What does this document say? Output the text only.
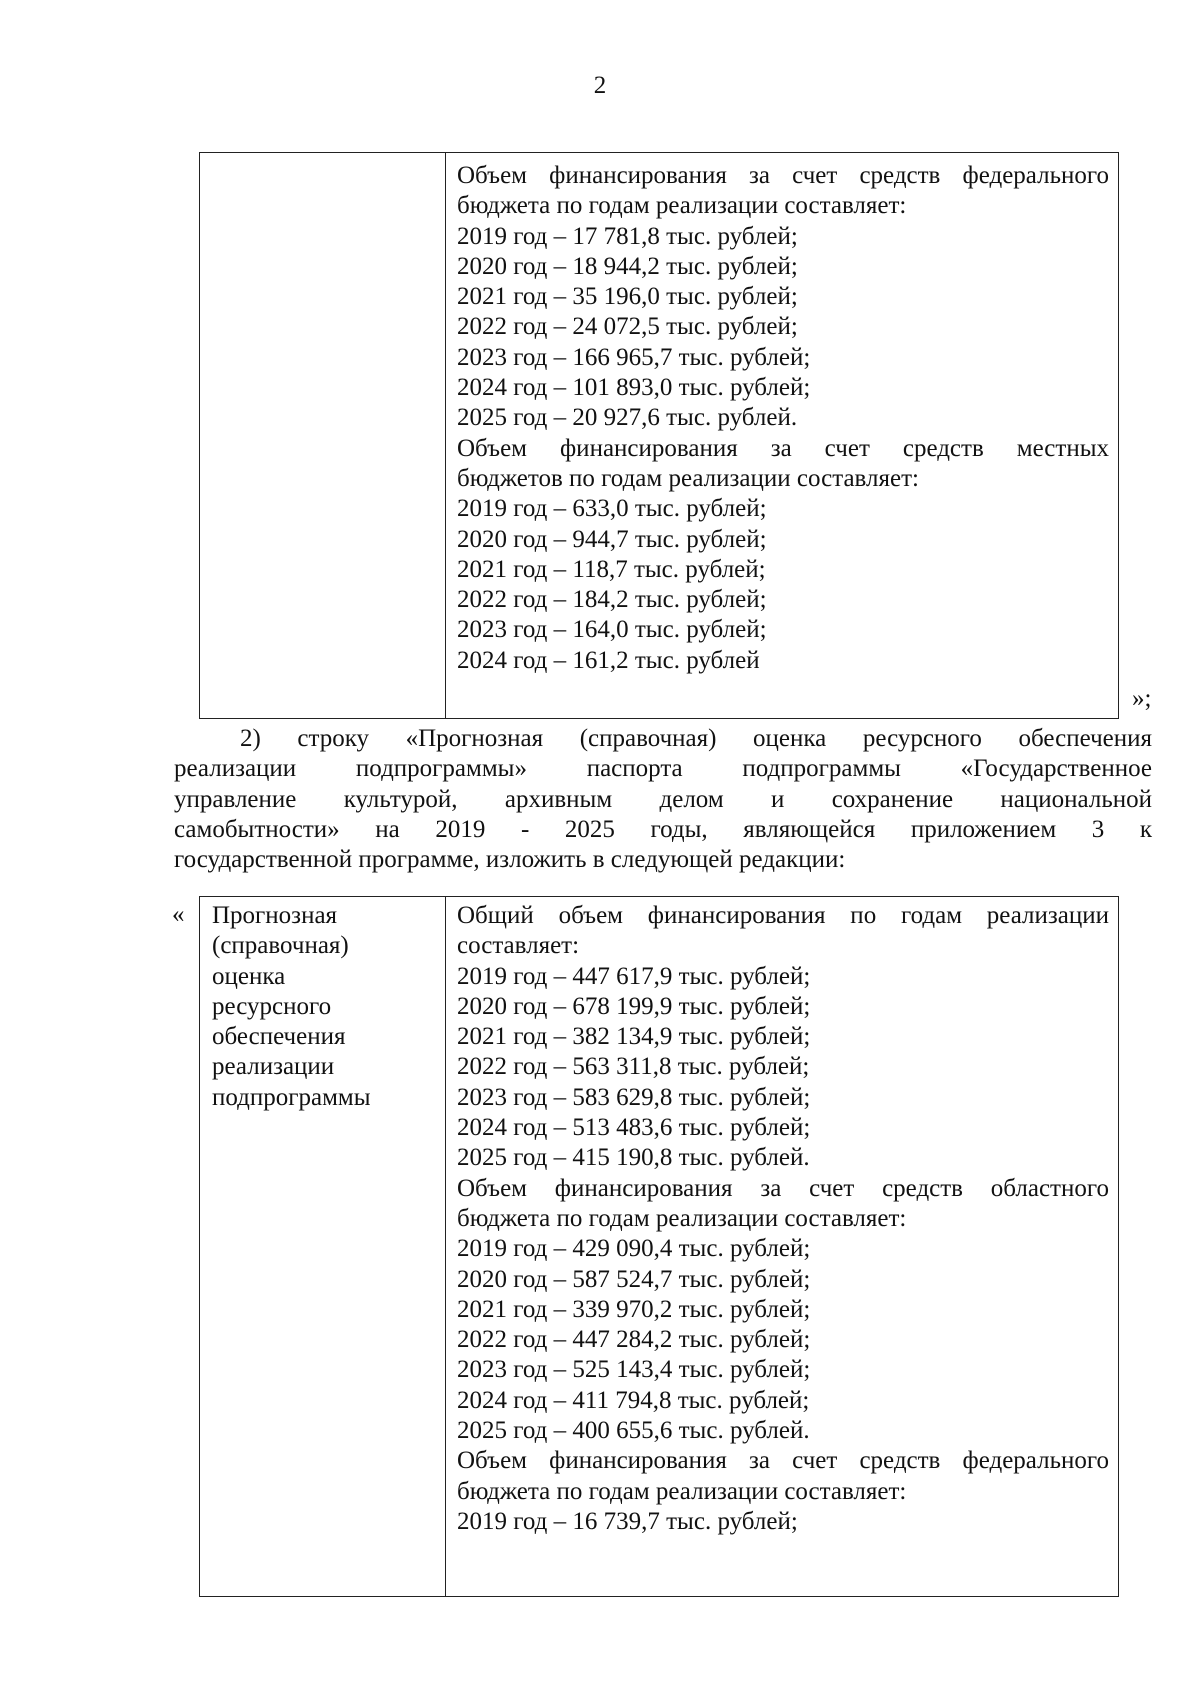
2
Объем финансирования за счет средств федерального
бюджета по годам реализации составляет:
2019 год – 17 781,8 тыс. рублей;
2020 год – 18 944,2 тыс. рублей;
2021 год – 35 196,0 тыс. рублей;
2022 год – 24 072,5 тыс. рублей;
2023 год – 166 965,7 тыс. рублей;
2024 год – 101 893,0 тыс. рублей;
2025 год – 20 927,6 тыс. рублей.
Объем финансирования за счет средств местных
бюджетов по годам реализации составляет:
2019 год – 633,0 тыс. рублей;
2020 год – 944,7 тыс. рублей;
2021 год – 118,7 тыс. рублей;
2022 год – 184,2 тыс. рублей;
2023 год – 164,0 тыс. рублей;
2024 год – 161,2 тыс. рублей
»;
2) строку «Прогнозная (справочная) оценка ресурсного обеспечения
реализации подпрограммы» паспорта подпрограммы «Государственное
управление культурой, архивным делом и сохранение национальной
самобытности» на 2019 - 2025 годы, являющейся приложением 3 к
государственной программе, изложить в следующей редакции:
« Прогнозная
(справочная)
оценка
ресурсного
обеспечения
реализации
подпрограммы
Общий объем финансирования по годам реализации
составляет:
2019 год – 447 617,9 тыс. рублей;
2020 год – 678 199,9 тыс. рублей;
2021 год – 382 134,9 тыс. рублей;
2022 год – 563 311,8 тыс. рублей;
2023 год – 583 629,8 тыс. рублей;
2024 год – 513 483,6 тыс. рублей;
2025 год – 415 190,8 тыс. рублей.
Объем финансирования за счет средств областного
бюджета по годам реализации составляет:
2019 год – 429 090,4 тыс. рублей;
2020 год – 587 524,7 тыс. рублей;
2021 год – 339 970,2 тыс. рублей;
2022 год – 447 284,2 тыс. рублей;
2023 год – 525 143,4 тыс. рублей;
2024 год – 411 794,8 тыс. рублей;
2025 год – 400 655,6 тыс. рублей.
Объем финансирования за счет средств федерального
бюджета по годам реализации составляет:
2019 год – 16 739,7 тыс. рублей;
